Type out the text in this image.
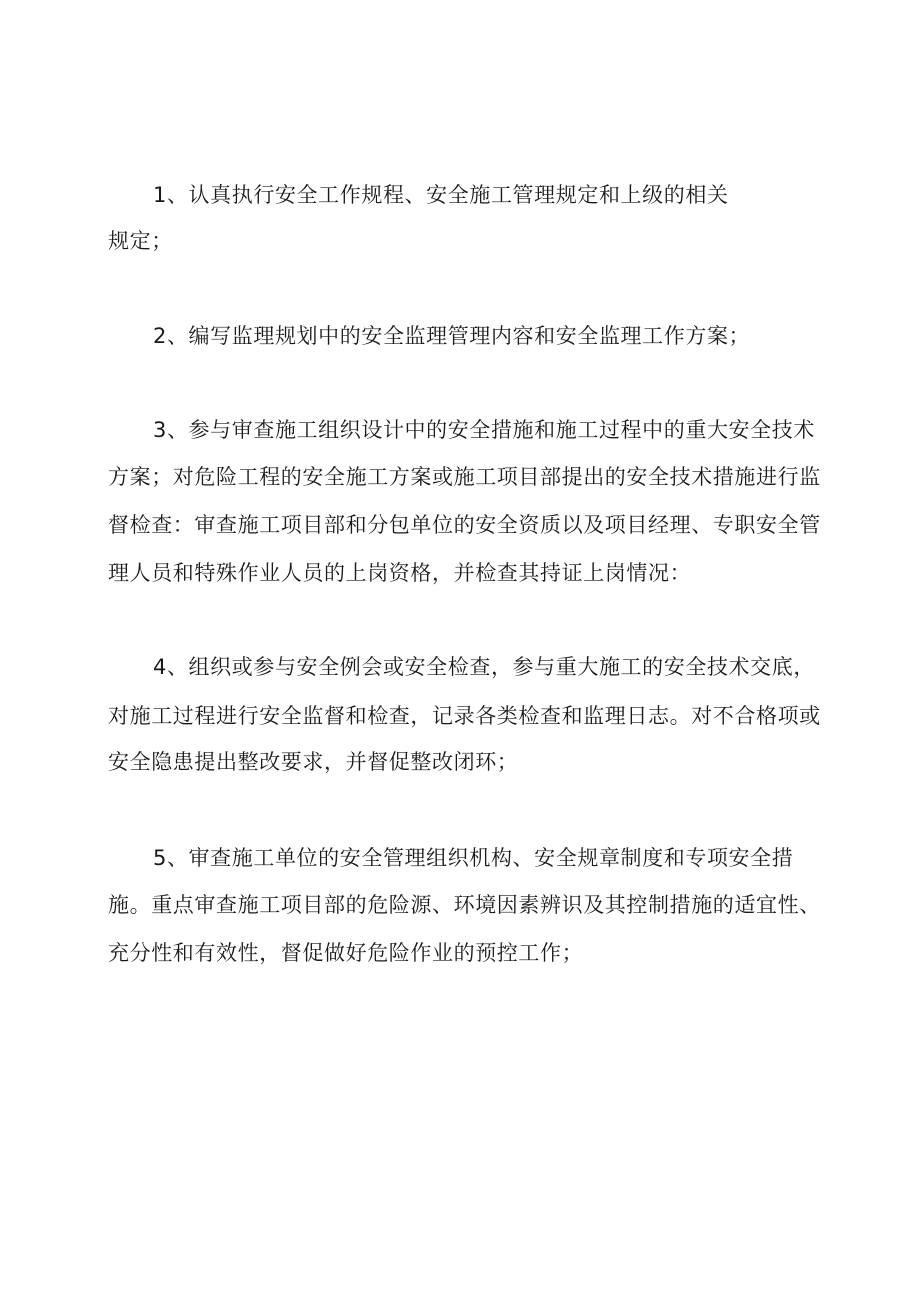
1、认真执行安全工作规程、安全施工管理规定和上级的相关
规定；
2、编写监理规划中的安全监理管理内容和安全监理工作方案；
3、参与审查施工组织设计中的安全措施和施工过程中的重大安全技术
方案；对危险工程的安全施工方案或施工项目部提出的安全技术措施进行监
督检查：审查施工项目部和分包单位的安全资质以及项目经理、专职安全管
理人员和特殊作业人员的上岗资格，并检查其持证上岗情况：
4、组织或参与安全例会或安全检查，参与重大施工的安全技术交底，
对施工过程进行安全监督和检查，记录各类检查和监理日志。对不合格项或
安全隐患提出整改要求，并督促整改闭环；
5、审查施工单位的安全管理组织机构、安全规章制度和专项安全措
施。重点审查施工项目部的危险源、环境因素辨识及其控制措施的适宜性、
充分性和有效性，督促做好危险作业的预控工作；
